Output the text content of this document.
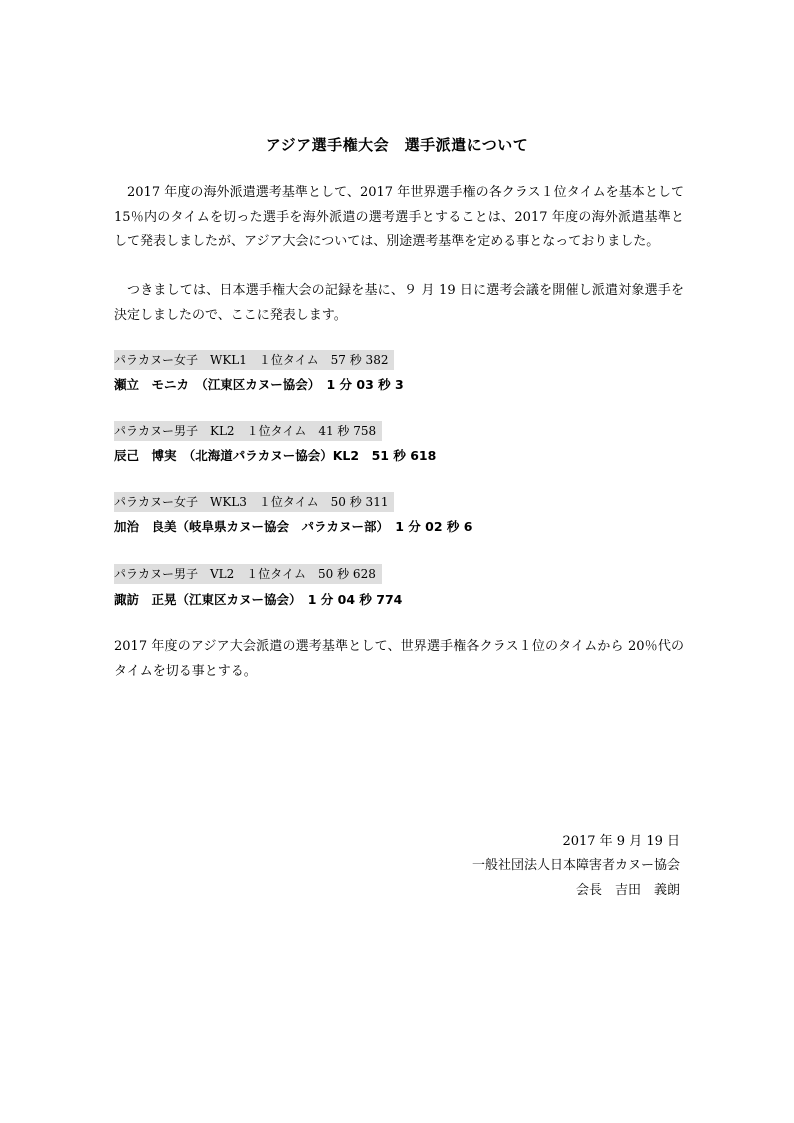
アジア選手権大会　選手派遣について
2017 年度の海外派遣選考基準として、2017 年世界選手権の各クラス１位タイムを基本として 15％内のタイムを切った選手を海外派遣の選考選手とすることは、2017 年度の海外派遣基準として発表しましたが、アジア大会については、別途選考基準を定める事となっておりました。
つきましては、日本選手権大会の記録を基に、９ 月 19 日に選考会議を開催し派遣対象選手を決定しましたので、ここに発表します。
パラカヌー女子　WKL1　１位タイム　57 秒 382
瀬立　モニカ　（江東区カヌー協会）　1 分 03 秒 3
パラカヌー男子　KL2　１位タイム　41 秒 758
辰己　博実　（北海道パラカヌー協会）KL2　51 秒 618
パラカヌー女子　WKL3　１位タイム　50 秒 311
加治　良美（岐阜県カヌー協会　パラカヌー部）　1 分 02 秒 6
パラカヌー男子　VL2　１位タイム　50 秒 628
諏訪　正晃（江東区カヌー協会）　1 分 04 秒 774
2017 年度のアジア大会派遣の選考基準として、世界選手権各クラス１位のタイムから 20％代のタイムを切る事とする。
2017 年 9 月 19 日
一般社団法人日本障害者カヌー協会
会長　吉田　義朗
